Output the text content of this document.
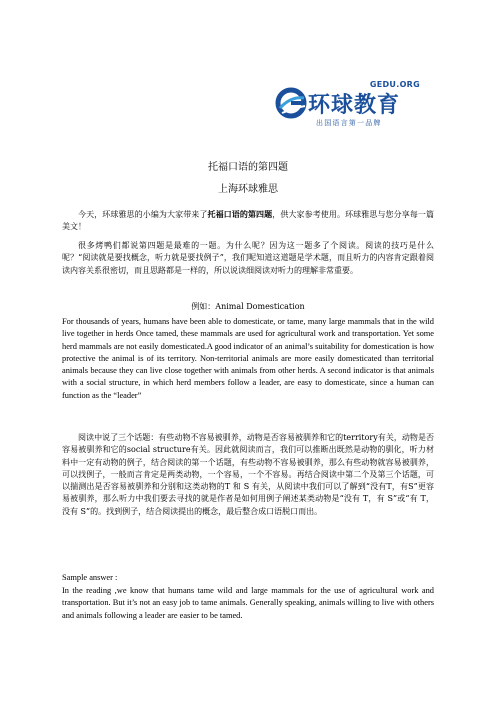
GEDU.ORG
环球教育
出国语言第一品牌
托福口语的第四题
上海环球雅思

今天，环球雅思的小编为大家带来了托福口语的第四题，供大家参考使用。环球雅思与您分享每一篇美文！

很多烤鸭们都说第四题是最难的一题。为什么呢？因为这一题多了个阅读。阅读的技巧是什么呢？“阅读就是要找概念，听力就是要找例子”，我们呢知道这道题是学术题，而且听力的内容肯定跟着阅读内容关系很密切，而且思路都是一样的，所以说读细阅读对听力的理解非常重要。

例如：Animal Domestication

For thousands of years, humans have been able to domesticate, or tame, many large mammals that in the wild live together in herds Once tamed, these mammals are used for agricultural work and transportation. Yet some herd mammals are not easily domesticated.A good indicator of an animal’s suitability for domestication is how protective the animal is of its territory. Non-territorial animals are more easily domesticated than territorial animals because they can live close together with animals from other herds. A second indicator is that animals with a social structure, in which herd members follow a leader, are easy to domesticate, since a human can function as the “leader”

阅读中说了三个话题：有些动物不容易被驯养，动物是否容易被驯养和它的territory有关，动物是否容易被驯养和它的social structure有关。因此就阅读而言，我们可以推断出既然是动物的驯化，听力材料中一定有动物的例子，结合阅读的第一个话题，有些动物不容易被驯养，那么有些动物就容易被驯养，可以找例子，一般而言肯定是两类动物，一个容易，一个不容易。再结合阅读中第二个及第三个话题，可以揣测出是否容易被驯养和分别和这类动物的T 和 S 有关，从阅读中我们可以了解到“没有T，有S”更容易被驯养，那么听力中我们要去寻找的就是作者是如何用例子阐述某类动物是“没有 T，有 S”或“有 T，没有 S”的。找到例子，结合阅读提出的概念，最后整合成口语脱口而出。

Sample answer :

In the reading ,we know that humans tame wild and large mammals for the use of agricultural work and transportation. But it’s not an easy job to tame animals. Generally speaking, animals willing to live with others and animals following a leader are easier to be tamed.
